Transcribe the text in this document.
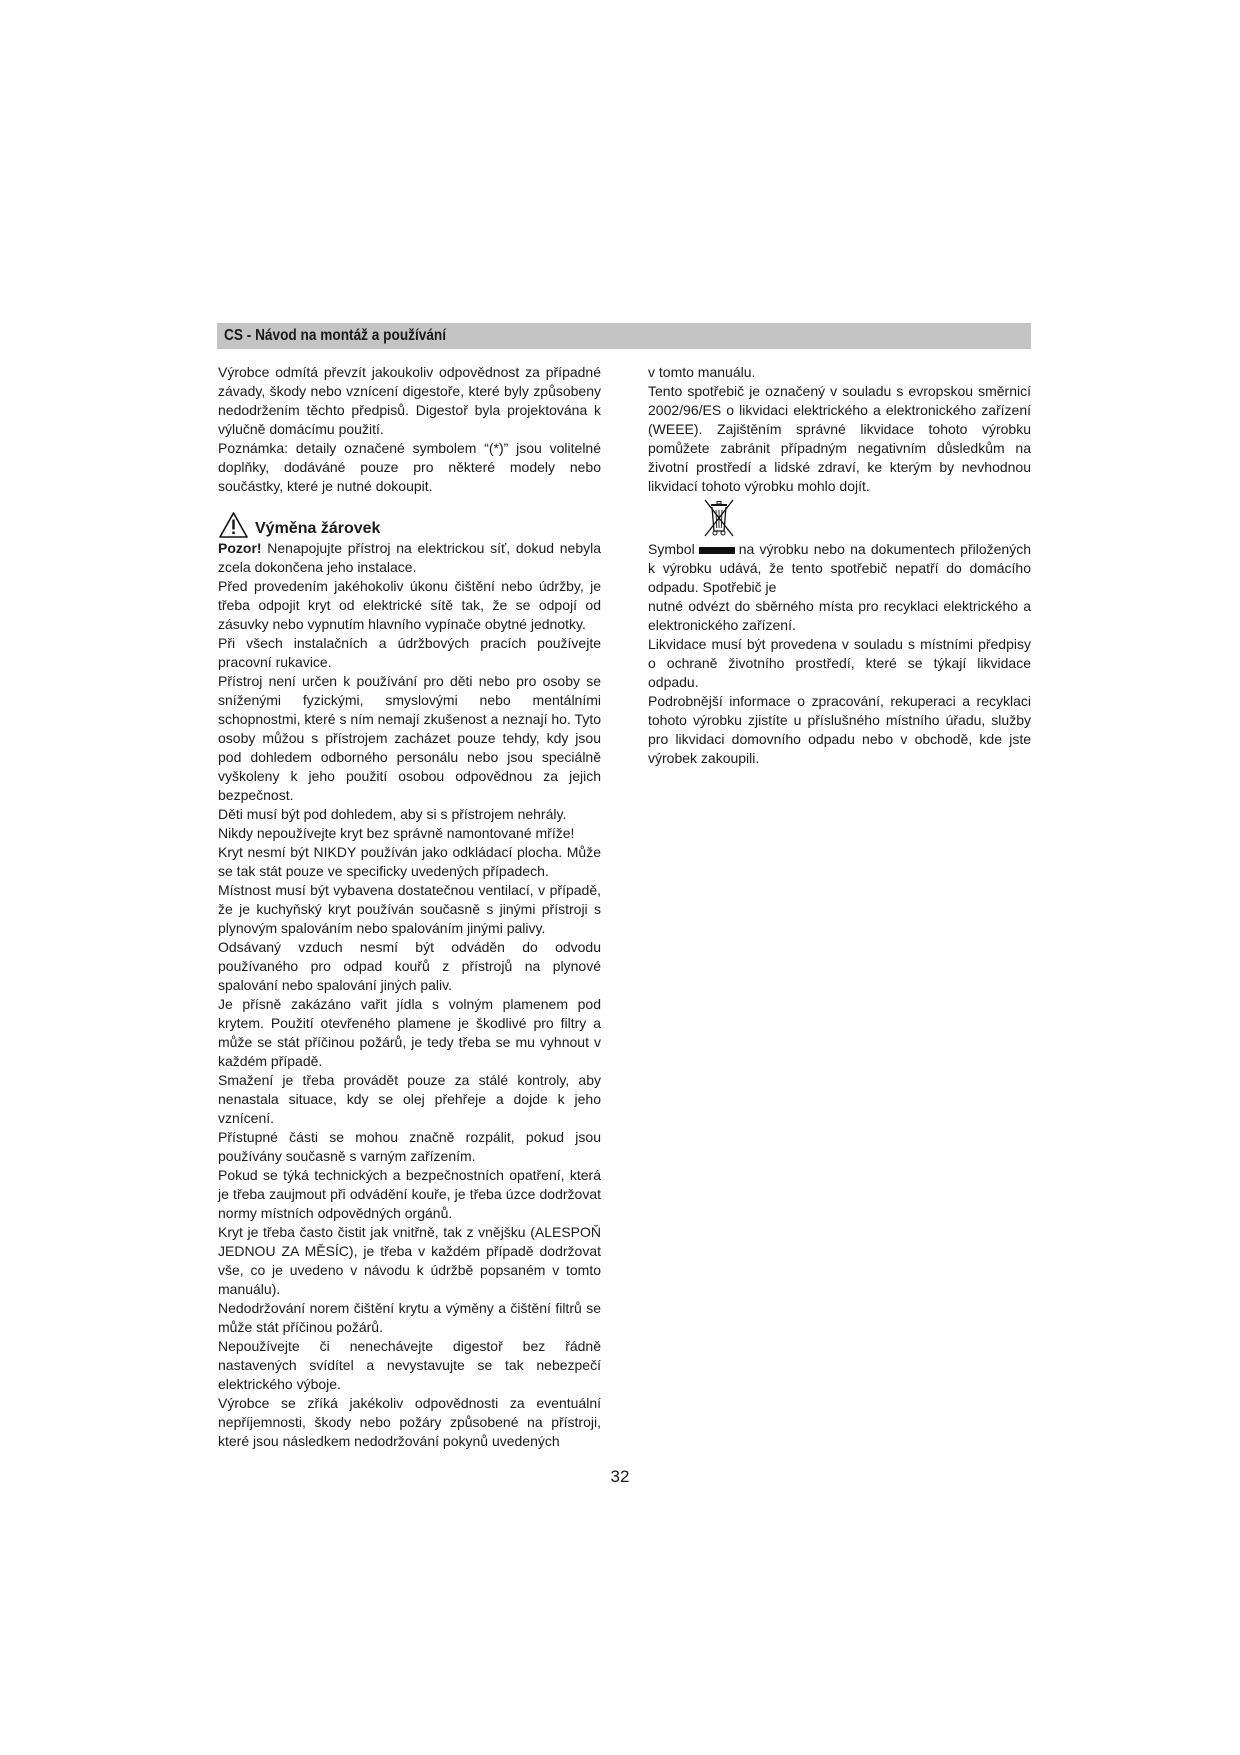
CS - Návod na montáž a používání

Výrobce odmítá převzít jakoukoliv odpovědnost za případné závady, škody nebo vznícení digestoře, které byly způsobeny nedodržením těchto předpisů. Digestoř byla projektována k výlučně domácímu použití.

Poznámka: detaily označené symbolem “(*)” jsou volitelné doplňky, dodáváné pouze pro některé modely nebo součástky, které je nutné dokoupit.

Výměna žárovek

Pozor! Nenapojujte přístroj na elektrickou síť, dokud nebyla zcela dokončena jeho instalace.

Před provedením jakéhokoliv úkonu čištění nebo údržby, je třeba odpojit kryt od elektrické sítě tak, že se odpojí od zásuvky nebo vypnutím hlavního vypínače obytné jednotky.

Při všech instalačních a údržbových pracích používejte pracovní rukavice.

Přístroj není určen k používání pro děti nebo pro osoby se sníženými fyzickými, smyslovými nebo mentálními schopnostmi, které s ním nemají zkušenost a neznají ho. Tyto osoby můžou s přístrojem zacházet pouze tehdy, kdy jsou pod dohledem odborného personálu nebo jsou speciálně vyškoleny k jeho použití osobou odpovědnou za jejich bezpečnost.

Děti musí být pod dohledem, aby si s přístrojem nehrály.

Nikdy nepoužívejte kryt bez správně namontované mříže!

Kryt nesmí být NIKDY používán jako odkládací plocha. Může se tak stát pouze ve specificky uvedených případech.

Místnost musí být vybavena dostatečnou ventilací, v případě, že je kuchyňský kryt používán současně s jinými přístroji s plynovým spalováním nebo spalováním jinými palivy.

Odsávaný vzduch nesmí být odváděn do odvodu používaného pro odpad kouřů z přístrojů na plynové spalování nebo spalování jiných paliv.

Je přísně zakázáno vařit jídla s volným plamenem pod krytem. Použití otevřeného plamene je škodlivé pro filtry a může se stát příčinou požárů, je tedy třeba se mu vyhnout v každém případě.

Smažení je třeba provádět pouze za stálé kontroly, aby nenastala situace, kdy se olej přehřeje a dojde k jeho vznícení.

Přístupné části se mohou značně rozpálit, pokud jsou používány současně s varným zařízením.

Pokud se týká technických a bezpečnostních opatření, která je třeba zaujmout při odvádění kouře, je třeba úzce dodržovat normy místních odpovědných orgánů.

Kryt je třeba často čistit jak vnitřně, tak z vnějšku (ALESPOŇ JEDNOU ZA MĚSÍC), je třeba v každém případě dodržovat vše, co je uvedeno v návodu k údržbě popsaném v tomto manuálu).

Nedodržování norem čištění krytu a výměny a čištění filtrů se může stát příčinou požárů.

Nepoužívejte či nenechávejte digestoř bez řádně nastavených svídítel a nevystavujte se tak nebezpečí elektrického výboje.

Výrobce se zříká jakékoliv odpovědnosti za eventuální nepříjemnosti, škody nebo požáry způsobené na přístroji, které jsou následkem nedodržování pokynů uvedených

v tomto manuálu.

Tento spotřebič je označený v souladu s evropskou směrnicí 2002/96/ES o likvidaci elektrického a elektronického zařízení (WEEE). Zajištěním správné likvidace tohoto výrobku pomůžete zabránit případným negativním důsledkům na životní prostředí a lidské zdraví, ke kterým by nevhodnou likvidací tohoto výrobku mohlo dojít.

Symbol	na výrobku nebo na dokumentech přiložených k výrobku udává, že tento spotřebič nepatří do domácího odpadu. Spotřebič je

nutné odvézt do sběrného místa pro recyklaci elektrického a elektronického zařízení.

Likvidace musí být provedena v souladu s místními předpisy o ochraně životního prostředí, které se týkají likvidace odpadu.

Podrobnější informace o zpracování, rekuperaci a recyklaci tohoto výrobku zjistíte u příslušného místního úřadu, služby pro likvidaci domovního odpadu nebo v obchodě, kde jste výrobek zakoupili.

32
